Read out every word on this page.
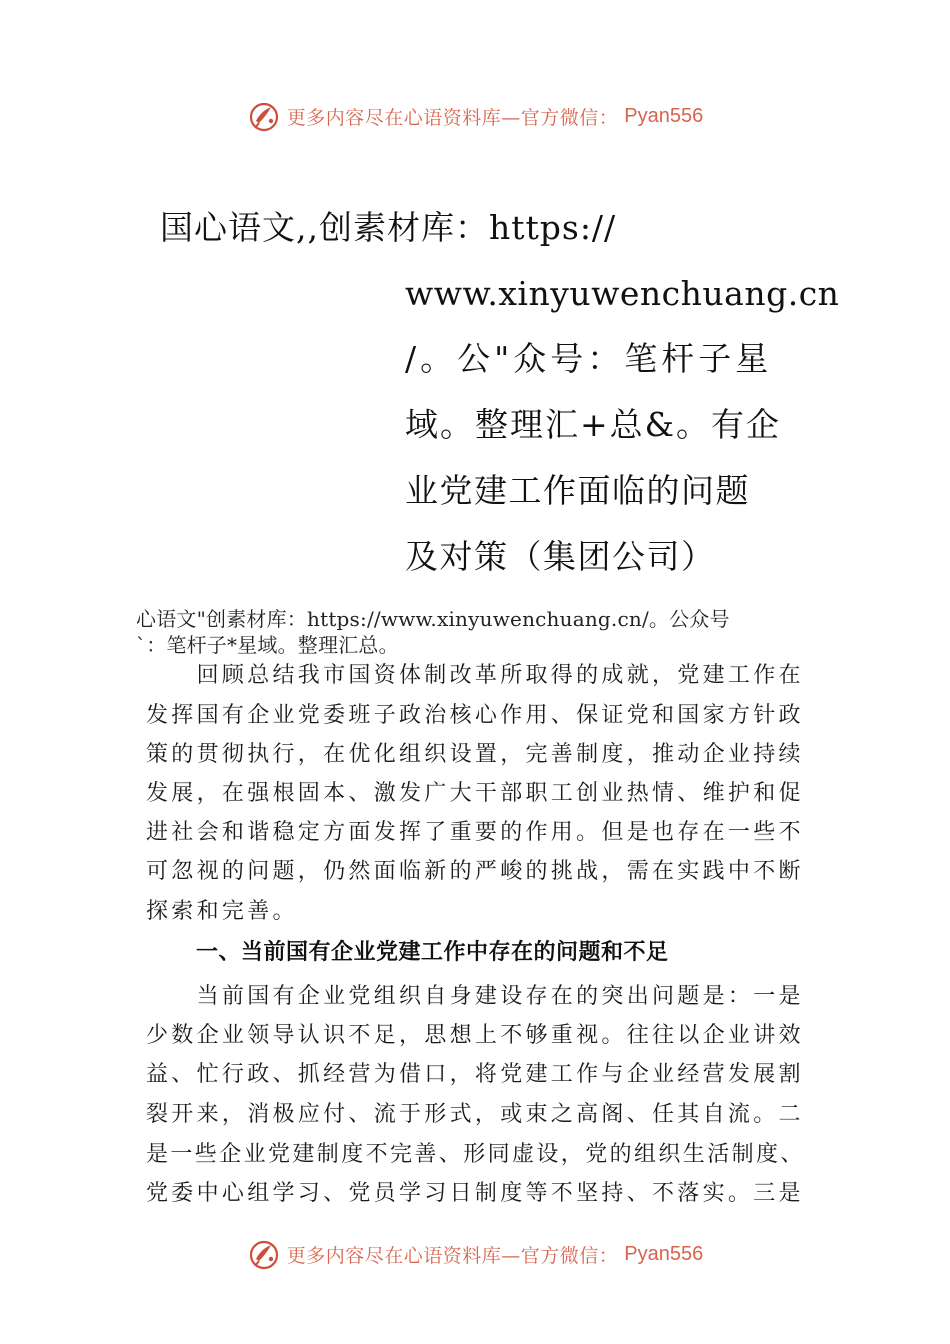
更多内容尽在心语资料库—官方微信： Pyan556
国心语文,,创素材库：https://
www.xinyuwenchuang.cn
/。公"众号：笔杆子星
域。整理汇+总&。有企
业党建工作面临的问题
及对策（集团公司）
心语文"创素材库：https://www.xinyuwenchuang.cn/。公众号
`：笔杆子*星域。整理汇总。
　　回顾总结我市国资体制改革所取得的成就，党建工作在
发挥国有企业党委班子政治核心作用、保证党和国家方针政
策的贯彻执行，在优化组织设置，完善制度，推动企业持续
发展，在强根固本、激发广大干部职工创业热情、维护和促
进社会和谐稳定方面发挥了重要的作用。但是也存在一些不
可忽视的问题，仍然面临新的严峻的挑战，需在实践中不断
探索和完善。
一、当前国有企业党建工作中存在的问题和不足
　　当前国有企业党组织自身建设存在的突出问题是：一是
少数企业领导认识不足，思想上不够重视。往往以企业讲效
益、忙行政、抓经营为借口，将党建工作与企业经营发展割
裂开来，消极应付、流于形式，或束之高阁、任其自流。二
是一些企业党建制度不完善、形同虚设，党的组织生活制度、
党委中心组学习、党员学习日制度等不坚持、不落实。三是
更多内容尽在心语资料库—官方微信： Pyan556
